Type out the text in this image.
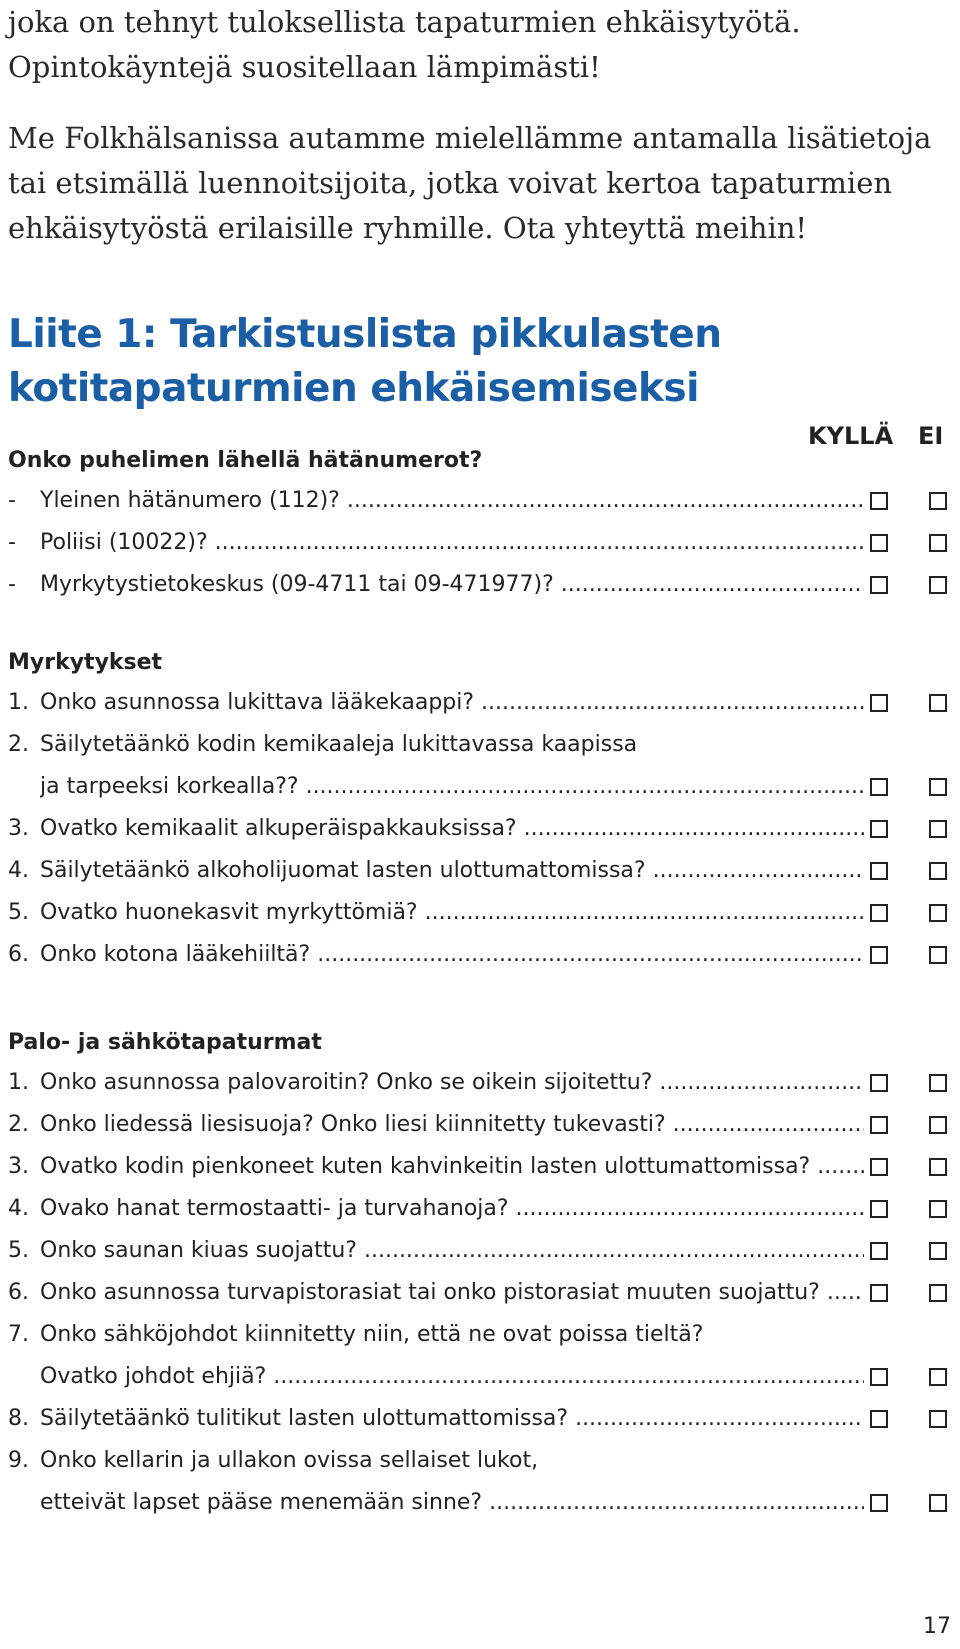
joka on tehnyt tuloksellista tapaturmien ehkäisytyötä. Opintokäyntejä suositellaan lämpimästi!

Me Folkhälsanissa autamme mielellämme antamalla lisätietoja tai etsimällä luennoitsijoita, jotka voivat kertoa tapaturmien ehkäisytyöstä erilaisille ryhmille. Ota yhteyttä meihin!

Liite 1: Tarkistuslista pikkulasten
kotitapaturmien ehkäisemiseksi
KYLLÄ EI
Onko puhelimen lähellä hätänumerot?
- Yleinen hätänumero (112)? .....
- Poliisi (10022)? .....
- Myrkytystietokeskus (09-4711 tai 09-471977)? .....
Myrkytykset
1. Onko asunnossa lukittava lääkekaappi? .....
2. Säilytetäänkö kodin kemikaaleja lukittavassa kaapissa
ja tarpeeksi korkealla?? .....
3. Ovatko kemikaalit alkuperäispakkauksissa? .....
4. Säilytetäänkö alkoholijuomat lasten ulottumattomissa? .....
5. Ovatko huonekasvit myrkyttömiä? .....
6. Onko kotona lääkehiiltä? .....
Palo- ja sähkötapaturmat
1. Onko asunnossa palovaroitin? Onko se oikein sijoitettu? .....
2. Onko liedessä liesisuoja? Onko liesi kiinnitetty tukevasti? .....
3. Ovatko kodin pienkoneet kuten kahvinkeitin lasten ulottumattomissa? .....
4. Ovako hanat termostaatti- ja turvahanoja? .....
5. Onko saunan kiuas suojattu? .....
6. Onko asunnossa turvapistorasiat tai onko pistorasiat muuten suojattu? .....
7. Onko sähköjohdot kiinnitetty niin, että ne ovat poissa tieltä?
Ovatko johdot ehjiä? .....
8. Säilytetäänkö tulitikut lasten ulottumattomissa? .....
9. Onko kellarin ja ullakon ovissa sellaiset lukot,
etteivät lapset pääse menemään sinne? .....
17
